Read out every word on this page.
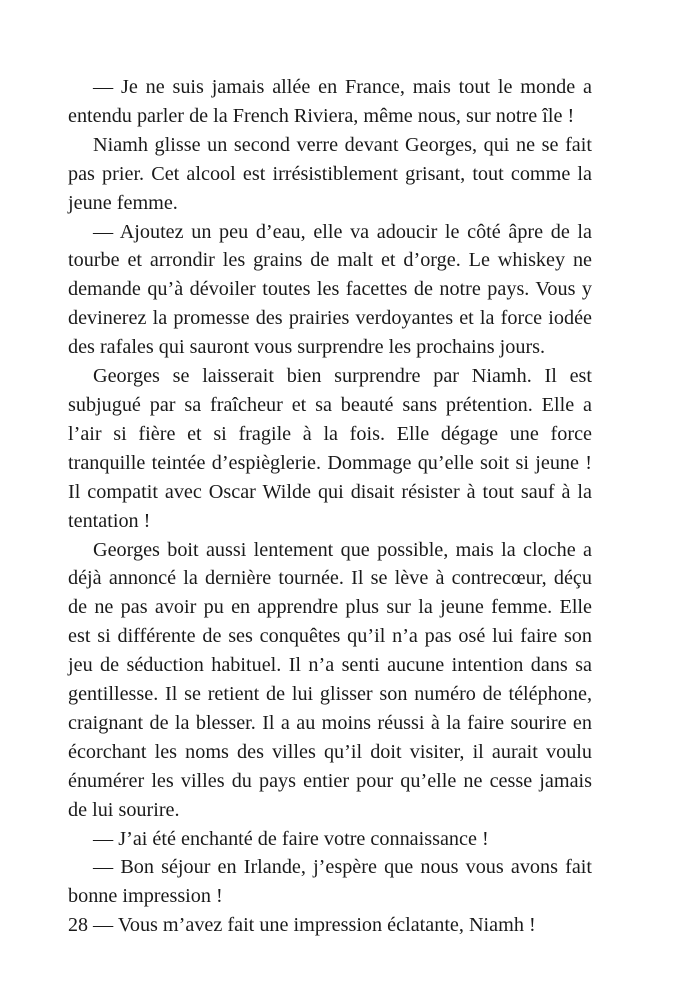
— Je ne suis jamais allée en France, mais tout le monde a entendu parler de la French Riviera, même nous, sur notre île !

Niamh glisse un second verre devant Georges, qui ne se fait pas prier. Cet alcool est irrésistiblement grisant, tout comme la jeune femme.

— Ajoutez un peu d’eau, elle va adoucir le côté âpre de la tourbe et arrondir les grains de malt et d’orge. Le whiskey ne demande qu’à dévoiler toutes les facettes de notre pays. Vous y devinerez la promesse des prairies verdoyantes et la force iodée des rafales qui sauront vous surprendre les prochains jours.

Georges se laisserait bien surprendre par Niamh. Il est subjugué par sa fraîcheur et sa beauté sans prétention. Elle a l’air si fière et si fragile à la fois. Elle dégage une force tranquille teintée d’espièglerie. Dommage qu’elle soit si jeune ! Il compatit avec Oscar Wilde qui disait résister à tout sauf à la tentation !

Georges boit aussi lentement que possible, mais la cloche a déjà annoncé la dernière tournée. Il se lève à contrecœur, déçu de ne pas avoir pu en apprendre plus sur la jeune femme. Elle est si différente de ses conquêtes qu’il n’a pas osé lui faire son jeu de séduction habituel. Il n’a senti aucune intention dans sa gentillesse. Il se retient de lui glisser son numéro de téléphone, craignant de la blesser. Il a au moins réussi à la faire sourire en écorchant les noms des villes qu’il doit visiter, il aurait voulu énumérer les villes du pays entier pour qu’elle ne cesse jamais de lui sourire.

— J’ai été enchanté de faire votre connaissance !

— Bon séjour en Irlande, j’espère que nous vous avons fait bonne impression !

— Vous m’avez fait une impression éclatante, Niamh !

28
